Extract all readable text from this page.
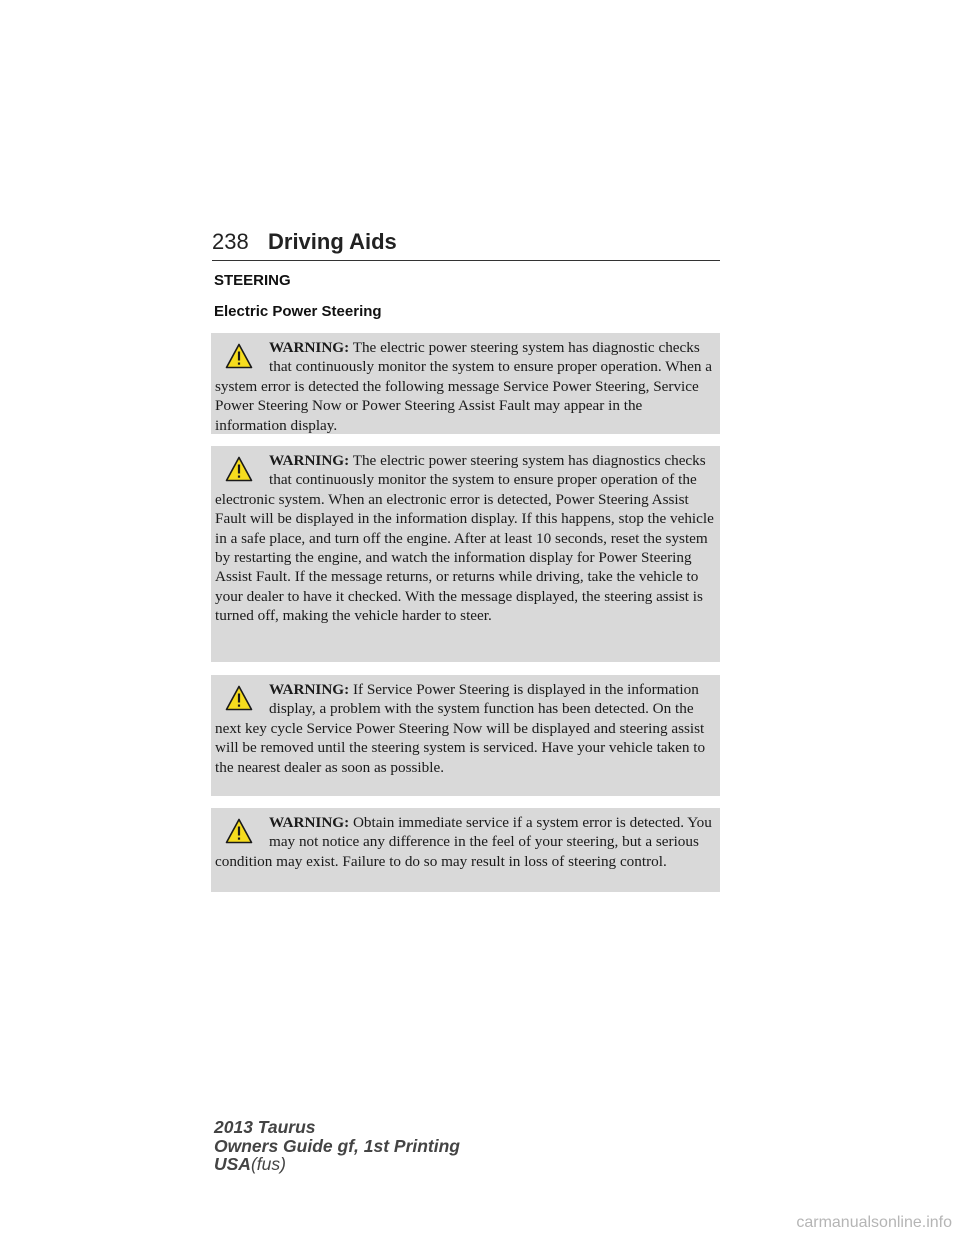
238 Driving Aids
STEERING
Electric Power Steering
WARNING: The electric power steering system has diagnostic checks that continuously monitor the system to ensure proper operation. When a system error is detected the following message Service Power Steering, Service Power Steering Now or Power Steering Assist Fault may appear in the information display.
WARNING: The electric power steering system has diagnostics checks that continuously monitor the system to ensure proper operation of the electronic system. When an electronic error is detected, Power Steering Assist Fault will be displayed in the information display. If this happens, stop the vehicle in a safe place, and turn off the engine. After at least 10 seconds, reset the system by restarting the engine, and watch the information display for Power Steering Assist Fault. If the message returns, or returns while driving, take the vehicle to your dealer to have it checked. With the message displayed, the steering assist is turned off, making the vehicle harder to steer.
WARNING: If Service Power Steering is displayed in the information display, a problem with the system function has been detected. On the next key cycle Service Power Steering Now will be displayed and steering assist will be removed until the steering system is serviced. Have your vehicle taken to the nearest dealer as soon as possible.
WARNING: Obtain immediate service if a system error is detected. You may not notice any difference in the feel of your steering, but a serious condition may exist. Failure to do so may result in loss of steering control.
2013 Taurus
Owners Guide gf, 1st Printing
USA(fus)
carmanualsonline.info
